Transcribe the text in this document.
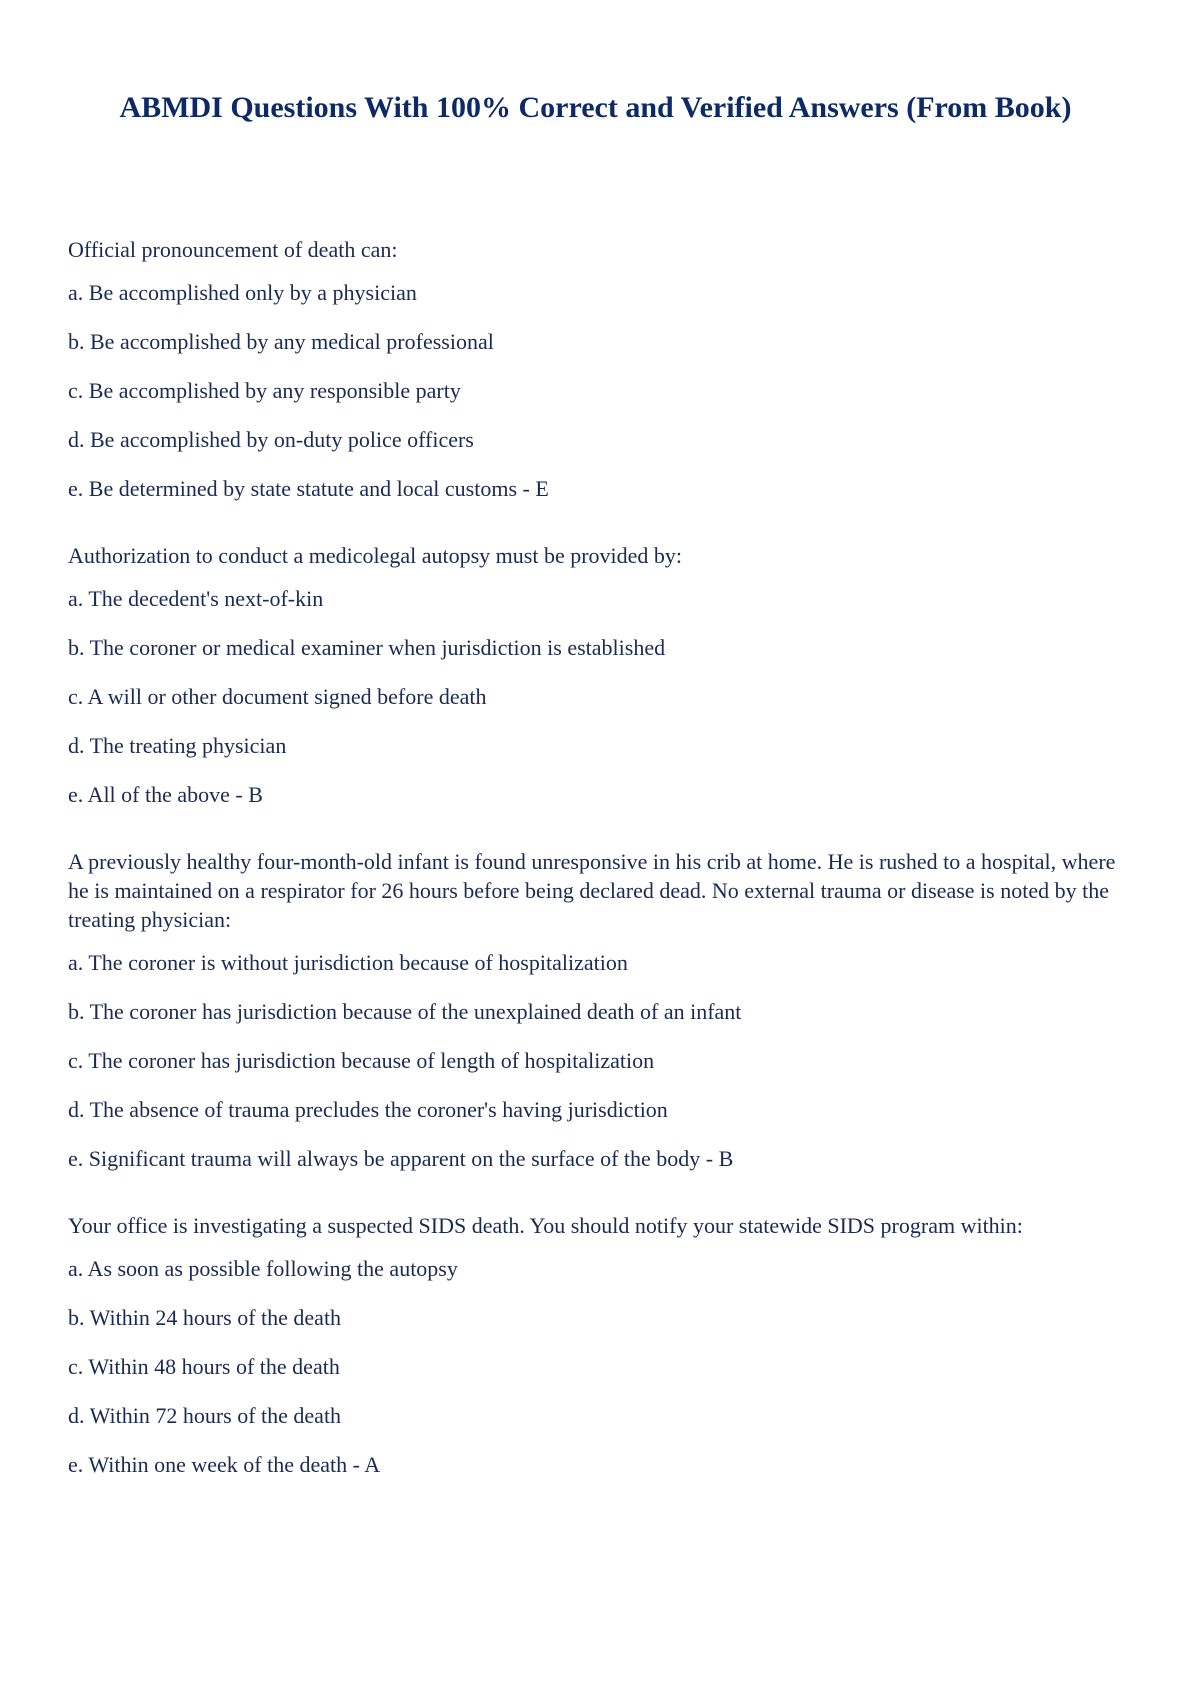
ABMDI Questions With 100% Correct and Verified Answers (From Book)

Official pronouncement of death can:

a. Be accomplished only by a physician

b. Be accomplished by any medical professional

c. Be accomplished by any responsible party

d. Be accomplished by on-duty police officers

e. Be determined by state statute and local customs - E

Authorization to conduct a medicolegal autopsy must be provided by:

a. The decedent's next-of-kin

b. The coroner or medical examiner when jurisdiction is established

c. A will or other document signed before death

d. The treating physician

e. All of the above - B

A previously healthy four-month-old infant is found unresponsive in his crib at home. He is rushed to a hospital, where he is maintained on a respirator for 26 hours before being declared dead. No external trauma or disease is noted by the treating physician:

a. The coroner is without jurisdiction because of hospitalization

b. The coroner has jurisdiction because of the unexplained death of an infant

c. The coroner has jurisdiction because of length of hospitalization

d. The absence of trauma precludes the coroner's having jurisdiction

e. Significant trauma will always be apparent on the surface of the body - B

Your office is investigating a suspected SIDS death. You should notify your statewide SIDS program within:

a. As soon as possible following the autopsy

b. Within 24 hours of the death

c. Within 48 hours of the death

d. Within 72 hours of the death

e. Within one week of the death - A
